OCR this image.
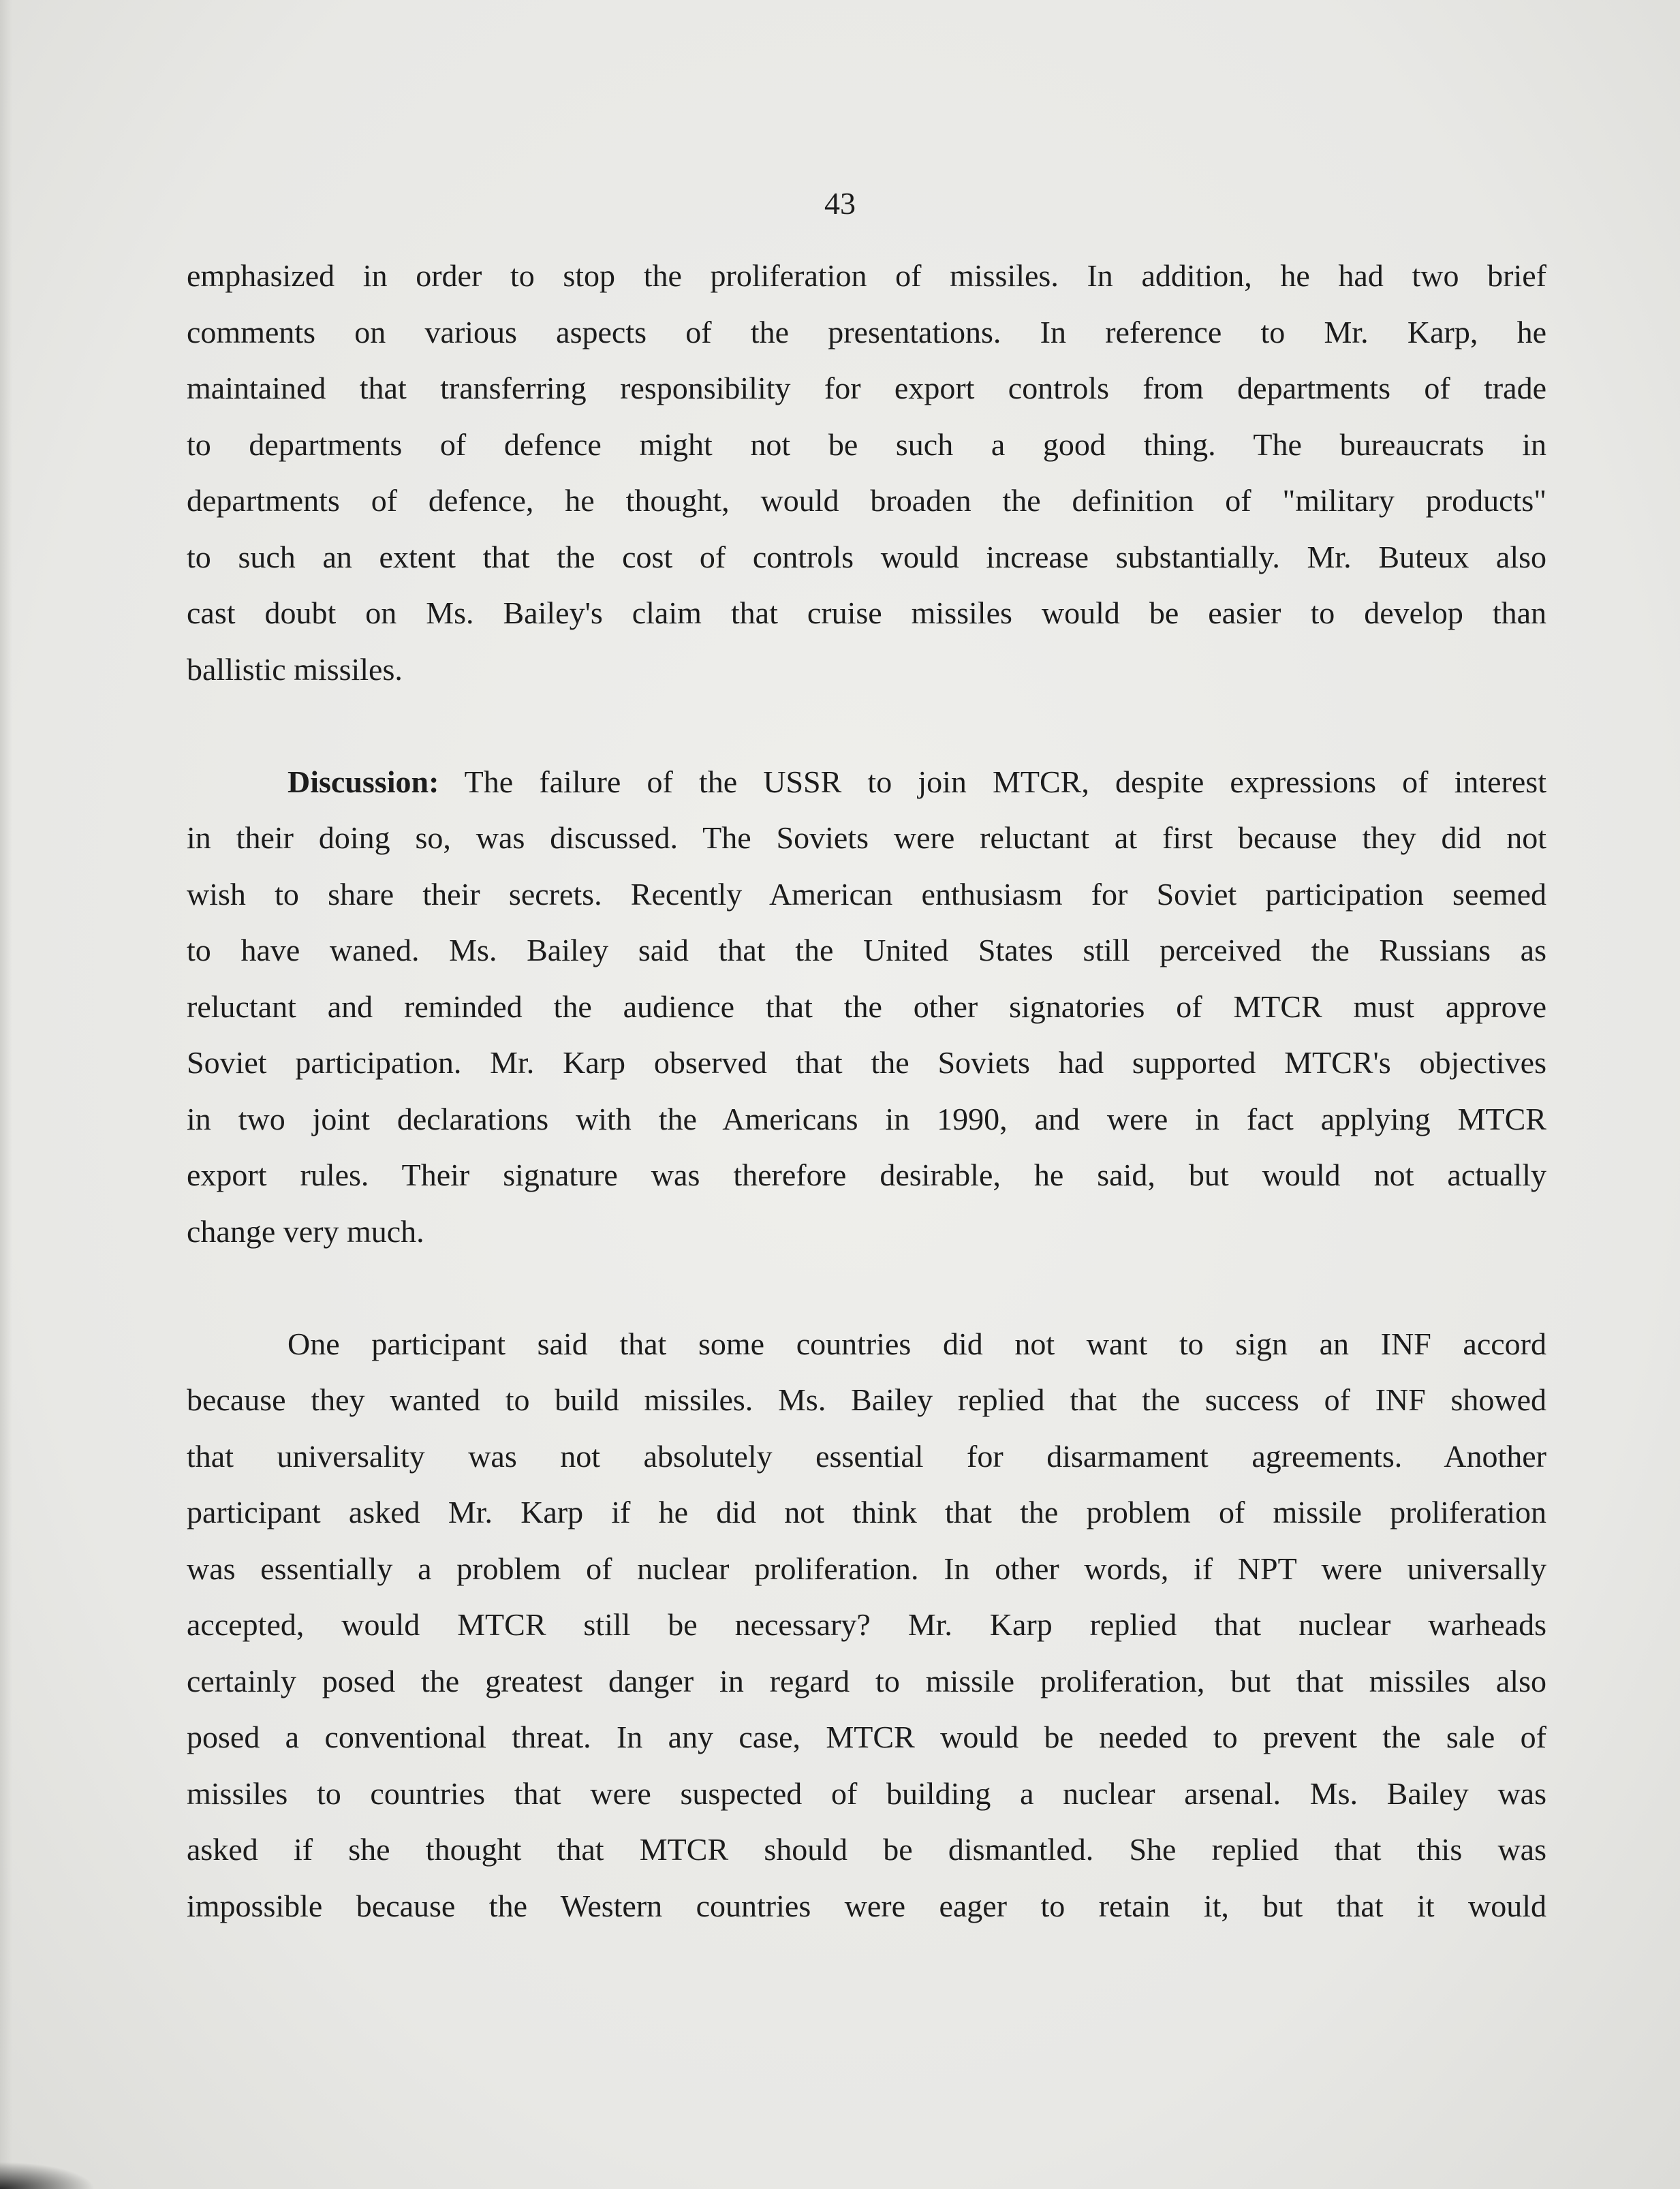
43
emphasized in order to stop the proliferation of missiles. In addition, he had two brief
comments on various aspects of the presentations. In reference to Mr. Karp, he
maintained that transferring responsibility for export controls from departments of trade
to departments of defence might not be such a good thing. The bureaucrats in
departments of defence, he thought, would broaden the definition of "military products"
to such an extent that the cost of controls would increase substantially. Mr. Buteux also
cast doubt on Ms. Bailey's claim that cruise missiles would be easier to develop than
ballistic missiles.
Discussion: The failure of the USSR to join MTCR, despite expressions of interest
in their doing so, was discussed. The Soviets were reluctant at first because they did not
wish to share their secrets. Recently American enthusiasm for Soviet participation seemed
to have waned. Ms. Bailey said that the United States still perceived the Russians as
reluctant and reminded the audience that the other signatories of MTCR must approve
Soviet participation. Mr. Karp observed that the Soviets had supported MTCR's objectives
in two joint declarations with the Americans in 1990, and were in fact applying MTCR
export rules. Their signature was therefore desirable, he said, but would not actually
change very much.
One participant said that some countries did not want to sign an INF accord
because they wanted to build missiles. Ms. Bailey replied that the success of INF showed
that universality was not absolutely essential for disarmament agreements. Another
participant asked Mr. Karp if he did not think that the problem of missile proliferation
was essentially a problem of nuclear proliferation. In other words, if NPT were universally
accepted, would MTCR still be necessary? Mr. Karp replied that nuclear warheads
certainly posed the greatest danger in regard to missile proliferation, but that missiles also
posed a conventional threat. In any case, MTCR would be needed to prevent the sale of
missiles to countries that were suspected of building a nuclear arsenal. Ms. Bailey was
asked if she thought that MTCR should be dismantled. She replied that this was
impossible because the Western countries were eager to retain it, but that it would
